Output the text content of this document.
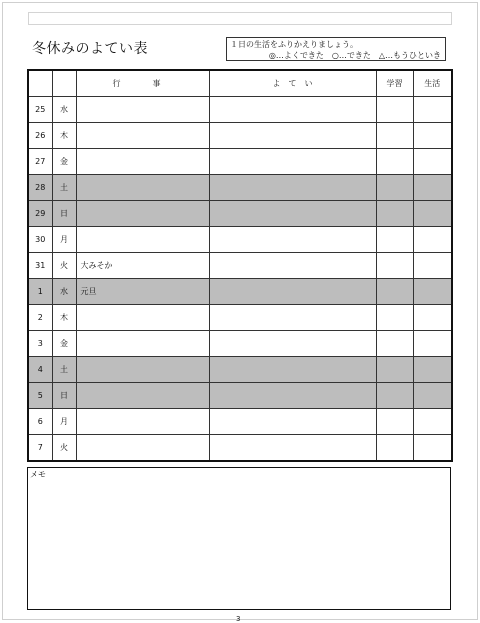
冬休みのよてい表	１日の生活をふりかえりましょう。
◎…よくできた ○…できた △…もうひといき
		行　事	よ　て　い	学習	生活
25	水				
26	木				
27	金				
28	土				
29	日				
30	月				
31	火	大みそか			
1	水	元旦			
2	木				
3	金				
4	土				
5	日				
6	月				
7	火				
メモ
3
